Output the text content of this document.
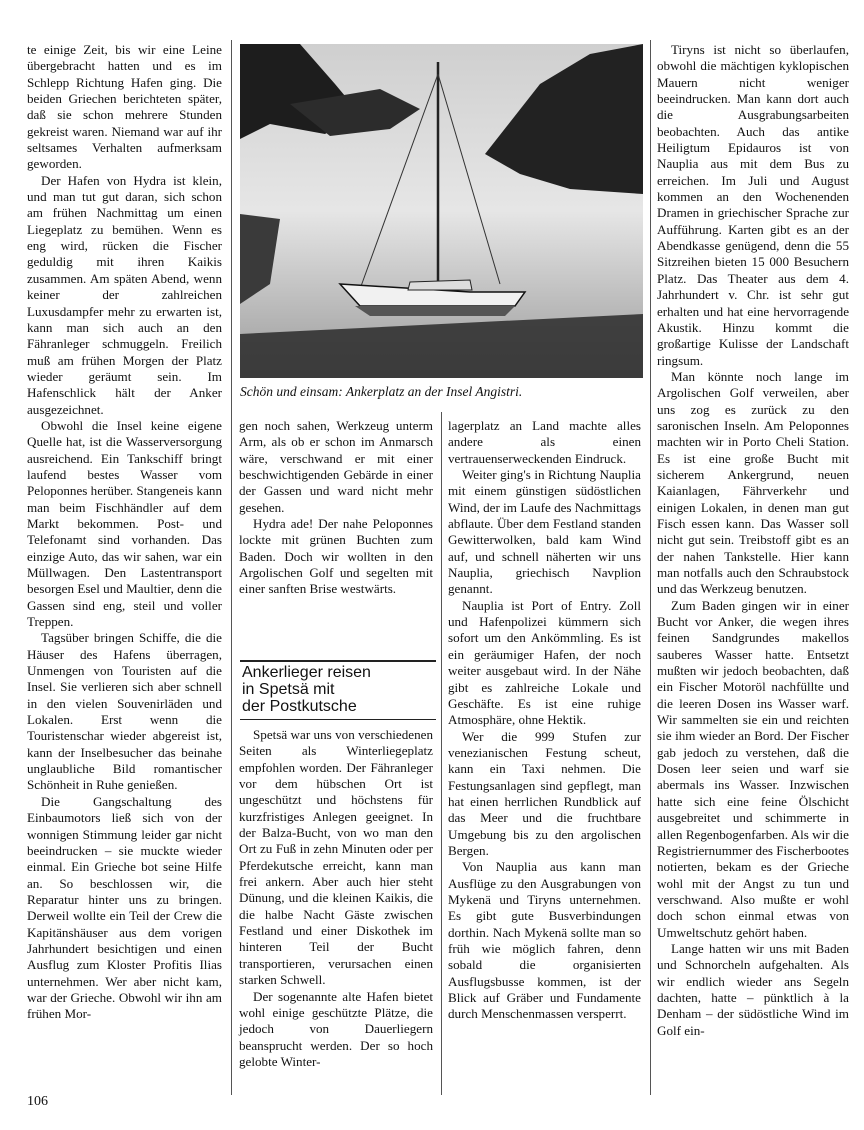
te einige Zeit, bis wir eine Leine übergebracht hatten und es im Schlepp Richtung Hafen ging. Die beiden Griechen berichteten später, daß sie schon mehrere Stunden gekreist waren. Niemand war auf ihr seltsames Verhalten aufmerksam geworden.

Der Hafen von Hydra ist klein, und man tut gut daran, sich schon am frühen Nachmittag um einen Liegeplatz zu bemühen. Wenn es eng wird, rücken die Fischer geduldig mit ihren Kaikis zusammen. Am späten Abend, wenn keiner der zahlreichen Luxusdampfer mehr zu erwarten ist, kann man sich auch an den Fähranleger schmuggeln. Freilich muß am frühen Morgen der Platz wieder geräumt sein. Im Hafenschlick hält der Anker ausgezeichnet.

Obwohl die Insel keine eigene Quelle hat, ist die Wasserversorgung ausreichend. Ein Tankschiff bringt laufend bestes Wasser vom Peloponnes herüber. Stangeneis kann man beim Fischhändler auf dem Markt bekommen. Post- und Telefonamt sind vorhanden. Das einzige Auto, das wir sahen, war ein Müllwagen. Den Lastentransport besorgen Esel und Maultier, denn die Gassen sind eng, steil und voller Treppen.

Tagsüber bringen Schiffe, die die Häuser des Hafens überragen, Unmengen von Touristen auf die Insel. Sie verlieren sich aber schnell in den vielen Souvenirläden und Lokalen. Erst wenn die Touristenschar wieder abgereist ist, kann der Inselbesucher das beinahe unglaubliche Bild romantischer Schönheit in Ruhe genießen.

Die Gangschaltung des Einbaumotors ließ sich von der wonnigen Stimmung leider gar nicht beeindrucken – sie muckte wieder einmal. Ein Grieche bot seine Hilfe an. So beschlossen wir, die Reparatur hinter uns zu bringen. Derweil wollte ein Teil der Crew die Kapitänshäuser aus dem vorigen Jahrhundert besichtigen und einen Ausflug zum Kloster Profitis Ilias unternehmen. Wer aber nicht kam, war der Grieche. Obwohl wir ihn am frühen Mor-

Schön und einsam: Ankerplatz an der Insel Angistri.

gen noch sahen, Werkzeug unterm Arm, als ob er schon im Anmarsch wäre, verschwand er mit einer beschwichtigenden Gebärde in einer der Gassen und ward nicht mehr gesehen.

Hydra ade! Der nahe Peloponnes lockte mit grünen Buchten zum Baden. Doch wir wollten in den Argolischen Golf und segelten mit einer sanften Brise westwärts.

Ankerlieger reisen
in Spetsä mit
der Postkutsche

Spetsä war uns von verschiedenen Seiten als Winterliegeplatz empfohlen worden. Der Fähranleger vor dem hübschen Ort ist ungeschützt und höchstens für kurzfristiges Anlegen geeignet. In der Balza-Bucht, von wo man den Ort zu Fuß in zehn Minuten oder per Pferdekutsche erreicht, kann man frei ankern. Aber auch hier steht Dünung, und die kleinen Kaikis, die die halbe Nacht Gäste zwischen Festland und einer Diskothek im hinteren Teil der Bucht transportieren, verursachen einen starken Schwell.

Der sogenannte alte Hafen bietet wohl einige geschützte Plätze, die jedoch von Dauerliegern beansprucht werden. Der so hoch gelobte Winter-

lagerplatz an Land machte alles andere als einen vertrauenserweckenden Eindruck.

Weiter ging's in Richtung Nauplia mit einem günstigen südöstlichen Wind, der im Laufe des Nachmittags abflaute. Über dem Festland standen Gewitterwolken, bald kam Wind auf, und schnell näherten wir uns Nauplia, griechisch Navplion genannt.

Nauplia ist Port of Entry. Zoll und Hafenpolizei kümmern sich sofort um den Ankömmling. Es ist ein geräumiger Hafen, der noch weiter ausgebaut wird. In der Nähe gibt es zahlreiche Lokale und Geschäfte. Es ist eine ruhige Atmosphäre, ohne Hektik.

Wer die 999 Stufen zur venezianischen Festung scheut, kann ein Taxi nehmen. Die Festungsanlagen sind gepflegt, man hat einen herrlichen Rundblick auf das Meer und die fruchtbare Umgebung bis zu den argolischen Bergen.

Von Nauplia aus kann man Ausflüge zu den Ausgrabungen von Mykenä und Tiryns unternehmen. Es gibt gute Busverbindungen dorthin. Nach Mykenä sollte man so früh wie möglich fahren, denn sobald die organisierten Ausflugsbusse kommen, ist der Blick auf Gräber und Fundamente durch Menschenmassen versperrt.

Tiryns ist nicht so überlaufen, obwohl die mächtigen kyklopischen Mauern nicht weniger beeindrucken. Man kann dort auch die Ausgrabungsarbeiten beobachten. Auch das antike Heiligtum Epidauros ist von Nauplia aus mit dem Bus zu erreichen. Im Juli und August kommen an den Wochenenden Dramen in griechischer Sprache zur Aufführung. Karten gibt es an der Abendkasse genügend, denn die 55 Sitzreihen bieten 15 000 Besuchern Platz. Das Theater aus dem 4. Jahrhundert v. Chr. ist sehr gut erhalten und hat eine hervorragende Akustik. Hinzu kommt die großartige Kulisse der Landschaft ringsum.

Man könnte noch lange im Argolischen Golf verweilen, aber uns zog es zurück zu den saronischen Inseln. Am Peloponnes machten wir in Porto Cheli Station. Es ist eine große Bucht mit sicherem Ankergrund, neuen Kaianlagen, Fährverkehr und einigen Lokalen, in denen man gut Fisch essen kann. Das Wasser soll nicht gut sein. Treibstoff gibt es an der nahen Tankstelle. Hier kann man notfalls auch den Schraubstock und das Werkzeug benutzen.

Zum Baden gingen wir in einer Bucht vor Anker, die wegen ihres feinen Sandgrundes makellos sauberes Wasser hatte. Entsetzt mußten wir jedoch beobachten, daß ein Fischer Motoröl nachfüllte und die leeren Dosen ins Wasser warf. Wir sammelten sie ein und reichten sie ihm wieder an Bord. Der Fischer gab jedoch zu verstehen, daß die Dosen leer seien und warf sie abermals ins Wasser. Inzwischen hatte sich eine feine Ölschicht ausgebreitet und schimmerte in allen Regenbogenfarben. Als wir die Registriernummer des Fischerbootes notierten, bekam es der Grieche wohl mit der Angst zu tun und verschwand. Also mußte er wohl doch schon einmal etwas von Umweltschutz gehört haben.

Lange hatten wir uns mit Baden und Schnorcheln aufgehalten. Als wir endlich wieder ans Segeln dachten, hatte – pünktlich à la Denham – der südöstliche Wind im Golf ein-

106
